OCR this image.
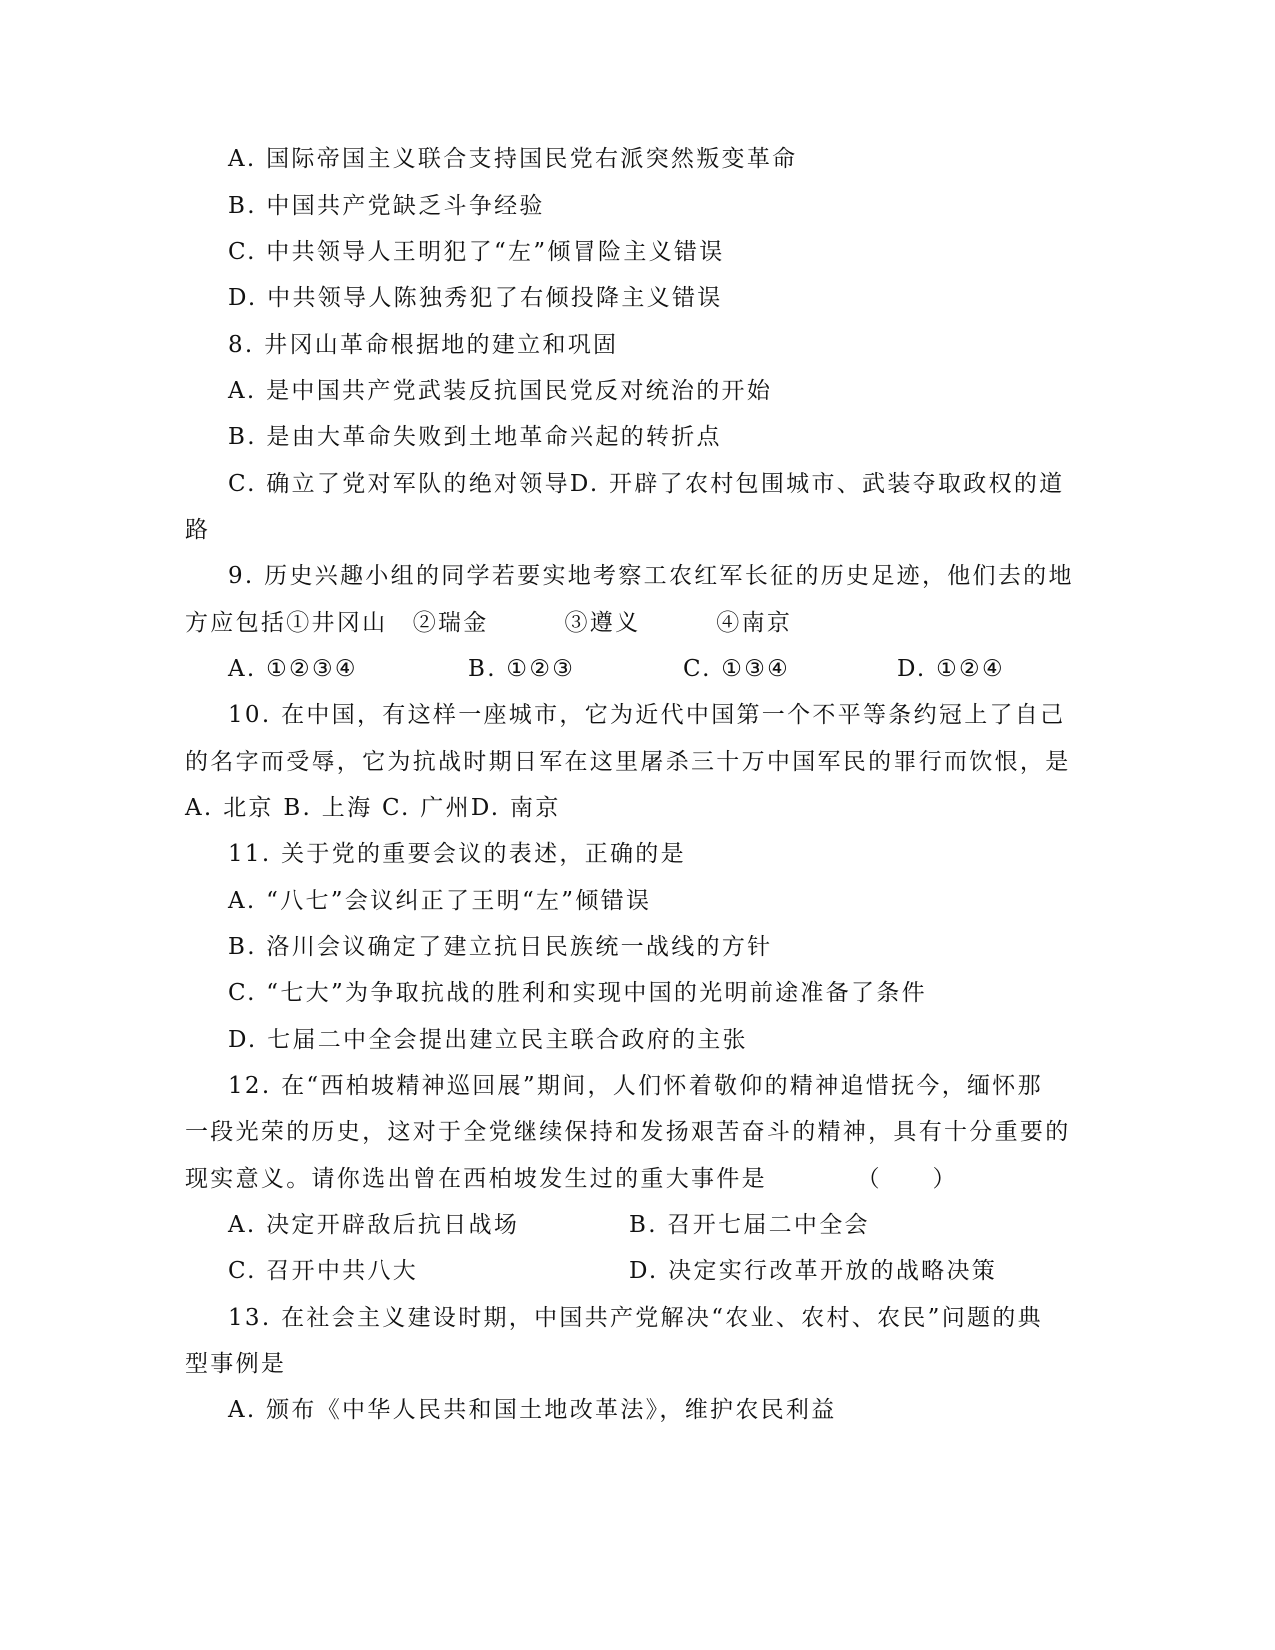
A. 国际帝国主义联合支持国民党右派突然叛变革命
B. 中国共产党缺乏斗争经验
C. 中共领导人王明犯了“左”倾冒险主义错误
D. 中共领导人陈独秀犯了右倾投降主义错误
8. 井冈山革命根据地的建立和巩固
A. 是中国共产党武装反抗国民党反对统治的开始
B. 是由大革命失败到土地革命兴起的转折点
C. 确立了党对军队的绝对领导D. 开辟了农村包围城市、武装夺取政权的道
路
9. 历史兴趣小组的同学若要实地考察工农红军长征的历史足迹，他们去的地
方应包括①井冈山　②瑞金　　　③遵义　　　④南京
A. ①②③④	B. ①②③	C. ①③④	D. ①②④
10. 在中国，有这样一座城市，它为近代中国第一个不平等条约冠上了自己
的名字而受辱，它为抗战时期日军在这里屠杀三十万中国军民的罪行而饮恨，是
A. 北京 B. 上海 C. 广州D. 南京
11. 关于党的重要会议的表述，正确的是
A. “八七”会议纠正了王明“左”倾错误
B. 洛川会议确定了建立抗日民族统一战线的方针
C. “七大”为争取抗战的胜利和实现中国的光明前途准备了条件
D. 七届二中全会提出建立民主联合政府的主张
12. 在“西柏坡精神巡回展”期间，人们怀着敬仰的精神追惜抚今，缅怀那
一段光荣的历史，这对于全党继续保持和发扬艰苦奋斗的精神，具有十分重要的
现实意义。请你选出曾在西柏坡发生过的重大事件是　　　　（　　）
A. 决定开辟敌后抗日战场	B. 召开七届二中全会
C. 召开中共八大	D. 决定实行改革开放的战略决策
13. 在社会主义建设时期，中国共产党解决“农业、农村、农民”问题的典
型事例是
A. 颁布《中华人民共和国土地改革法》，维护农民利益
